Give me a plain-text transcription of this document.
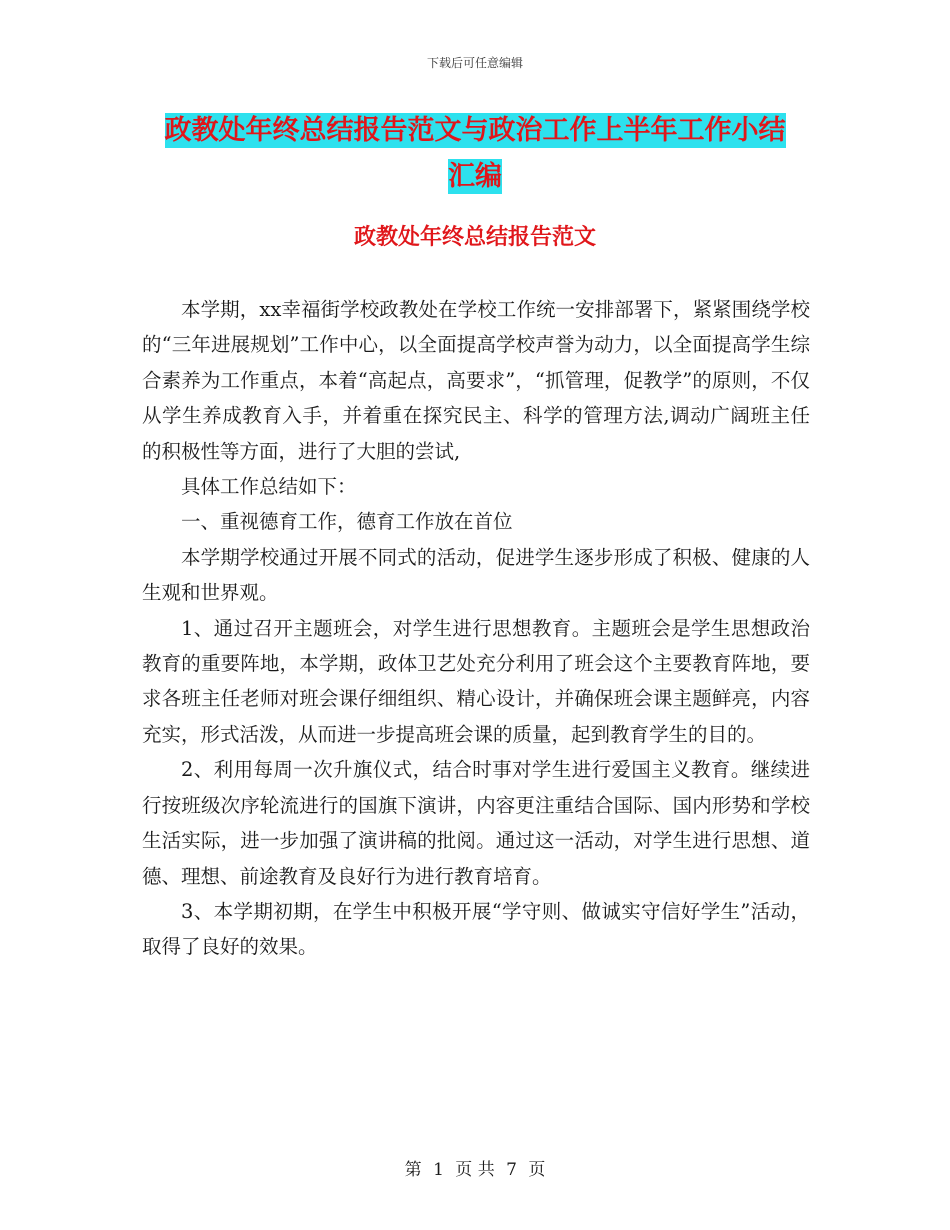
下载后可任意编辑
政教处年终总结报告范文与政治工作上半年工作小结
汇编
政教处年终总结报告范文

本学期，xx幸福街学校政教处在学校工作统一安排部署下，紧紧围绕学校的“三年进展规划”工作中心，以全面提高学校声誉为动力，以全面提高学生综合素养为工作重点，本着“高起点，高要求”，“抓管理，促教学”的原则，不仅从学生养成教育入手，并着重在探究民主、科学的管理方法,调动广阔班主任的积极性等方面，进行了大胆的尝试,

具体工作总结如下：

一、重视德育工作，德育工作放在首位

本学期学校通过开展不同式的活动，促进学生逐步形成了积极、健康的人生观和世界观。

1、通过召开主题班会，对学生进行思想教育。主题班会是学生思想政治教育的重要阵地，本学期，政体卫艺处充分利用了班会这个主要教育阵地，要求各班主任老师对班会课仔细组织、精心设计，并确保班会课主题鲜亮，内容充实，形式活泼，从而进一步提高班会课的质量，起到教育学生的目的。

2、利用每周一次升旗仪式，结合时事对学生进行爱国主义教育。继续进行按班级次序轮流进行的国旗下演讲，内容更注重结合国际、国内形势和学校生活实际，进一步加强了演讲稿的批阅。通过这一活动，对学生进行思想、道德、理想、前途教育及良好行为进行教育培育。

3、本学期初期，在学生中积极开展“学守则、做诚实守信好学生”活动，取得了良好的效果。

第 1 页 共 7 页
